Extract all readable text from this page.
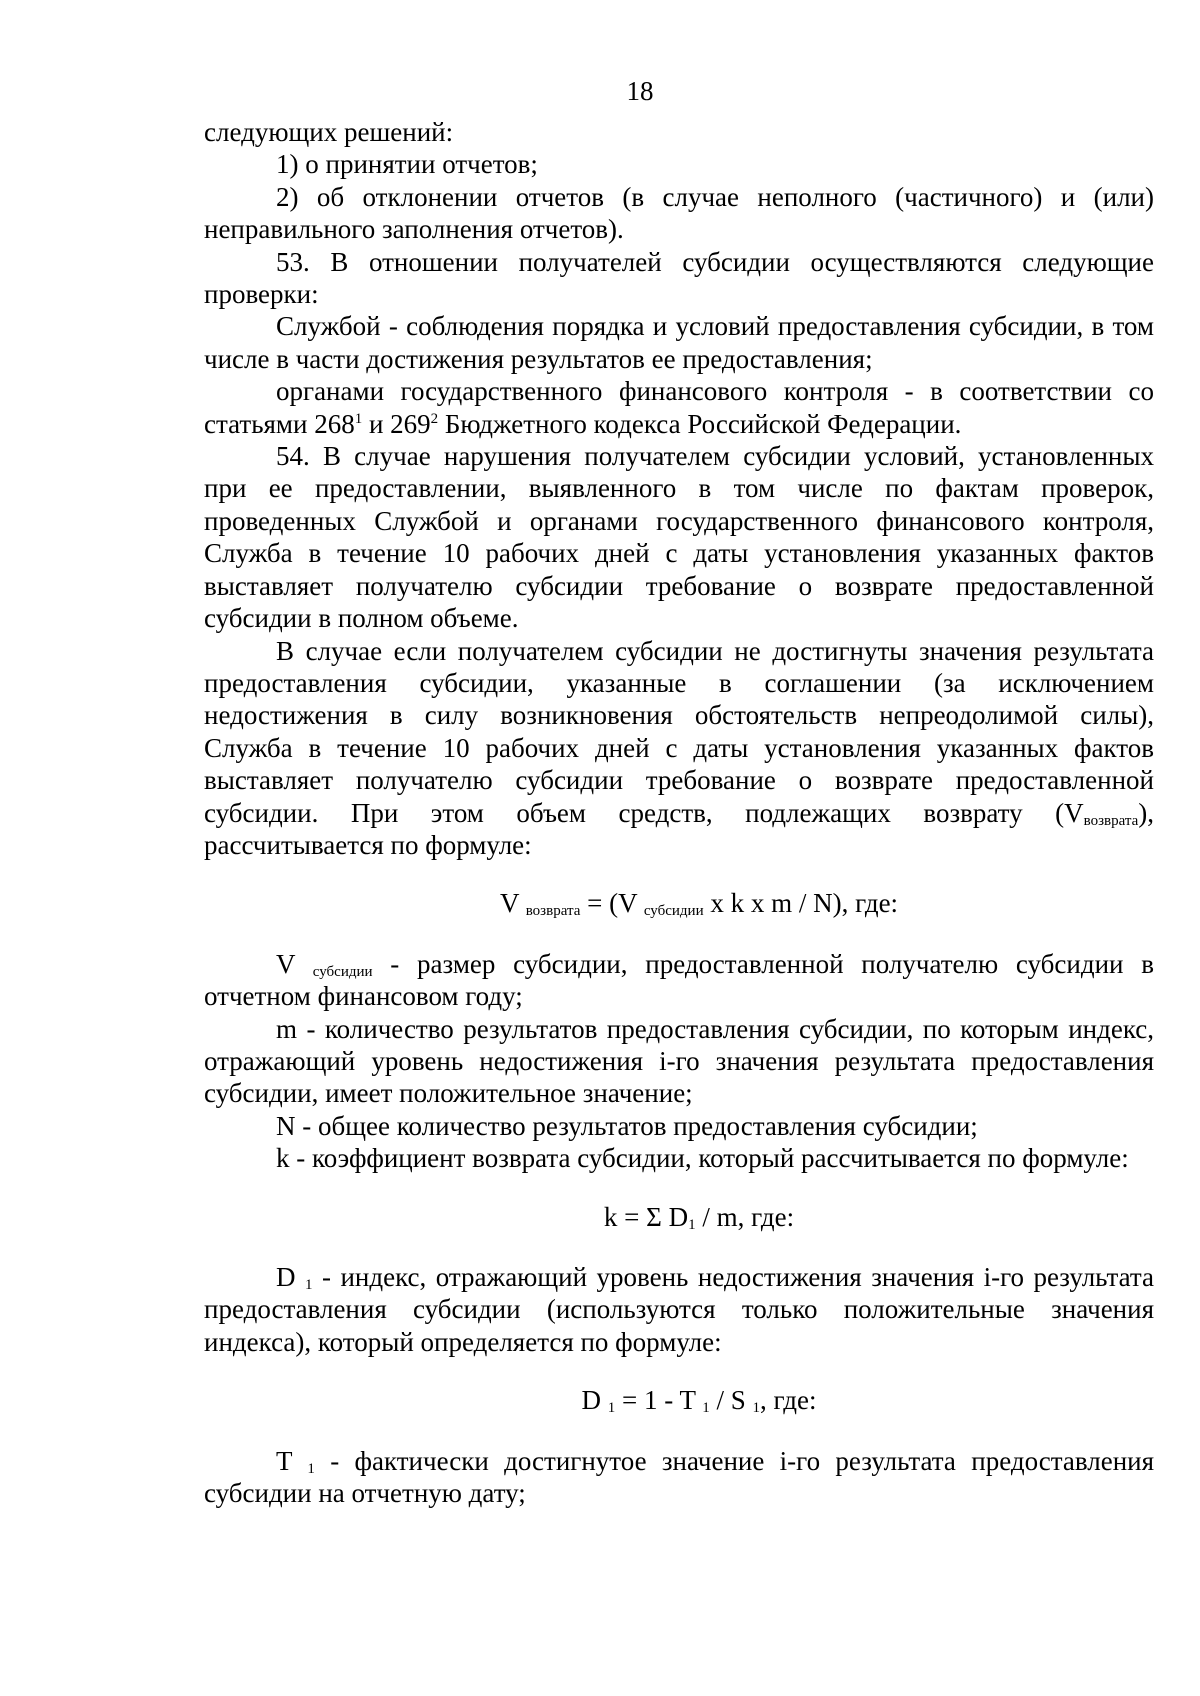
18

следующих решений:

1) о принятии отчетов;

2) об отклонении отчетов (в случае неполного (частичного) и (или) неправильного заполнения отчетов).

53. В отношении получателей субсидии осуществляются следующие проверки:

Службой - соблюдения порядка и условий предоставления субсидии, в том числе в части достижения результатов ее предоставления;

органами государственного финансового контроля - в соответствии со статьями $268^1$ и $269^2$ Бюджетного кодекса Российской Федерации.

54. В случае нарушения получателем субсидии условий, установленных при ее предоставлении, выявленного в том числе по фактам проверок, проведенных Службой и органами государственного финансового контроля, Служба в течение 10 рабочих дней с даты установления указанных фактов выставляет получателю субсидии требование о возврате предоставленной субсидии в полном объеме.

В случае если получателем субсидии не достигнуты значения результата предоставления субсидии, указанные в соглашении (за исключением недостижения в силу возникновения обстоятельств непреодолимой силы), Служба в течение 10 рабочих дней с даты установления указанных фактов выставляет получателю субсидии требование о возврате предоставленной субсидии. При этом объем средств, подлежащих возврату $(V_{возврата})$, рассчитывается по формуле:

V $_{возврата}$ = (V $_{субсидии}$ x k x m / N), где:

V $_{субсидии}$ - размер субсидии, предоставленной получателю субсидии в отчетном финансовом году;

m - количество результатов предоставления субсидии, по которым индекс, отражающий уровень недостижения i-го значения результата предоставления субсидии, имеет положительное значение;

N - общее количество результатов предоставления субсидии;

k - коэффициент возврата субсидии, который рассчитывается по формуле:

k = Σ $D_1$ / m, где:

D $_1$ - индекс, отражающий уровень недостижения значения i-го результата предоставления субсидии (используются только положительные значения индекса), который определяется по формуле:

D $_1$ = 1 - T $_1$ / S $_1$, где:

T $_1$ - фактически достигнутое значение i-го результата предоставления субсидии на отчетную дату;
